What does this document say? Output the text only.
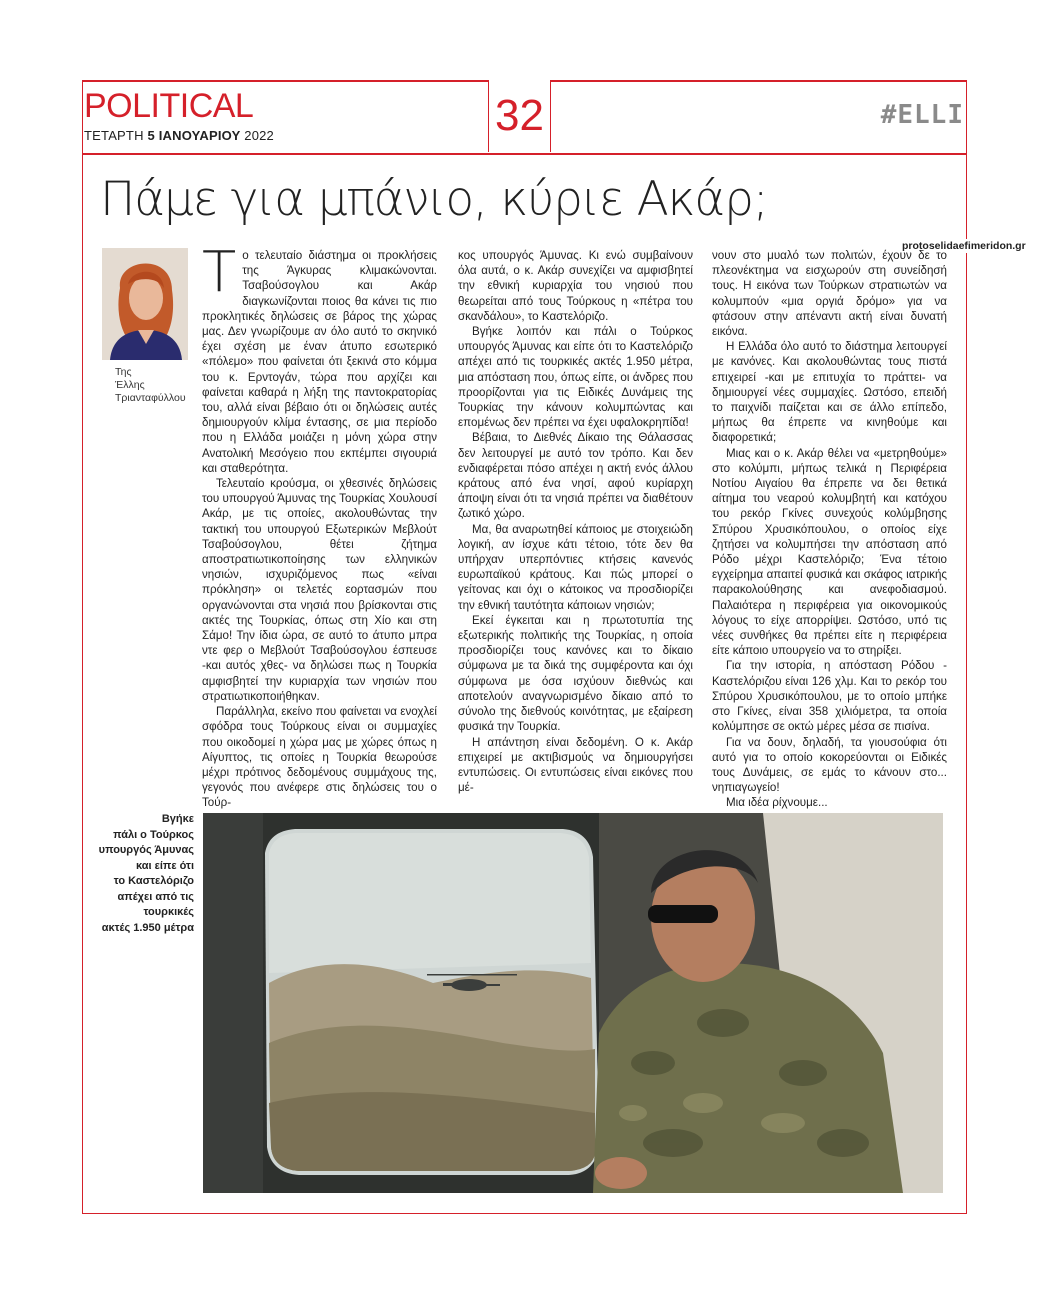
POLITICAL
ΤΕΤΑΡΤΗ 5 ΙΑΝΟΥΑΡΙΟΥ 2022	32	#ELLI
protoselidaefimeridon.gr
Πάμε για μπάνιο, κύριε Ακάρ;
Της
Έλλης
Τριανταφύλλου

Το τελευταίο διάστημα οι προκλήσεις της Άγκυρας κλιμακώνονται. Τσαβούσογλου και Ακάρ διαγκωνίζονται ποιος θα κάνει τις πιο προκλητικές δηλώσεις σε βάρος της χώρας μας. Δεν γνωρίζουμε αν όλο αυτό το σκηνικό έχει σχέση με έναν άτυπο εσωτερικό «πόλεμο» που φαίνεται ότι ξεκινά στο κόμμα του κ. Ερντογάν, τώρα που αρχίζει και φαίνεται καθαρά η λήξη της παντοκρατορίας του, αλλά είναι βέβαιο ότι οι δηλώσεις αυτές δημιουργούν κλίμα έντασης, σε μια περίοδο που η Ελλάδα μοιάζει η μόνη χώρα στην Ανατολική Μεσόγειο που εκπέμπει σιγουριά και σταθερότητα.

Τελευταίο κρούσμα, οι χθεσινές δηλώσεις του υπουργού Άμυνας της Τουρκίας Χουλουσί Ακάρ, με τις οποίες, ακολουθώντας την τακτική του υπουργού Εξωτερικών Μεβλούτ Τσαβούσογλου, θέτει ζήτημα αποστρατιωτικοποίησης των ελληνικών νησιών, ισχυριζόμενος πως «είναι πρόκληση» οι τελετές εορτασμών που οργανώνονται στα νησιά που βρίσκονται στις ακτές της Τουρκίας, όπως στη Χίο και στη Σάμο! Την ίδια ώρα, σε αυτό το άτυπο μπρα ντε φερ ο Μεβλούτ Τσαβούσογλου έσπευσε -και αυτός χθες- να δηλώσει πως η Τουρκία αμφισβητεί την κυριαρχία των νησιών που στρατιωτικοποιήθηκαν.

Παράλληλα, εκείνο που φαίνεται να ενοχλεί σφόδρα τους Τούρκους είναι οι συμμαχίες που οικοδομεί η χώρα μας με χώρες όπως η Αίγυπτος, τις οποίες η Τουρκία θεωρούσε μέχρι πρότινος δεδομένους συμμάχους της, γεγονός που ανέφερε στις δηλώσεις του ο Τούρ-

κος υπουργός Άμυνας. Κι ενώ συμβαίνουν όλα αυτά, ο κ. Ακάρ συνεχίζει να αμφισβητεί την εθνική κυριαρχία του νησιού που θεωρείται από τους Τούρκους η «πέτρα του σκανδάλου», το Καστελόριζο.

Βγήκε λοιπόν και πάλι ο Τούρκος υπουργός Άμυνας και είπε ότι το Καστελόριζο απέχει από τις τουρκικές ακτές 1.950 μέτρα, μια απόσταση που, όπως είπε, οι άνδρες που προορίζονται για τις Ειδικές Δυνάμεις της Τουρκίας την κάνουν κολυμπώντας και επομένως δεν πρέπει να έχει υφαλοκρηπίδα!

Βέβαια, το Διεθνές Δίκαιο της Θάλασσας δεν λειτουργεί με αυτό τον τρόπο. Και δεν ενδιαφέρεται πόσο απέχει η ακτή ενός άλλου κράτους από ένα νησί, αφού κυρίαρχη άποψη είναι ότι τα νησιά πρέπει να διαθέτουν ζωτικό χώρο.

Μα, θα αναρωτηθεί κάποιος με στοιχειώδη λογική, αν ίσχυε κάτι τέτοιο, τότε δεν θα υπήρχαν υπερπόντιες κτήσεις κανενός ευρωπαϊκού κράτους. Και πώς μπορεί ο γείτονας και όχι ο κάτοικος να προσδιορίζει την εθνική ταυτότητα κάποιων νησιών;

Εκεί έγκειται και η πρωτοτυπία της εξωτερικής πολιτικής της Τουρκίας, η οποία προσδιορίζει τους κανόνες και το δίκαιο σύμφωνα με τα δικά της συμφέροντα και όχι σύμφωνα με όσα ισχύουν διεθνώς και αποτελούν αναγνωρισμένο δίκαιο από το σύνολο της διεθνούς κοινότητας, με εξαίρεση φυσικά την Τουρκία.

Η απάντηση είναι δεδομένη. Ο κ. Ακάρ επιχειρεί με ακτιβισμούς να δημιουργήσει εντυπώσεις. Οι εντυπώσεις είναι εικόνες που μέ-

νουν στο μυαλό των πολιτών, έχουν δε το πλεονέκτημα να εισχωρούν στη συνείδησή τους. Η εικόνα των Τούρκων στρατιωτών να κολυμπούν «μια οργιά δρόμο» για να φτάσουν στην απέναντι ακτή είναι δυνατή εικόνα.

Η Ελλάδα όλο αυτό το διάστημα λειτουργεί με κανόνες. Και ακολουθώντας τους πιστά επιχειρεί -και με επιτυχία το πράττει- να δημιουργεί νέες συμμαχίες. Ωστόσο, επειδή το παιχνίδι παίζεται και σε άλλο επίπεδο, μήπως θα έπρεπε να κινηθούμε και διαφορετικά;

Μιας και ο κ. Ακάρ θέλει να «μετρηθούμε» στο κολύμπι, μήπως τελικά η Περιφέρεια Νοτίου Αιγαίου θα έπρεπε να δει θετικά αίτημα του νεαρού κολυμβητή και κατόχου του ρεκόρ Γκίνες συνεχούς κολύμβησης Σπύρου Χρυσικόπουλου, ο οποίος είχε ζητήσει να κολυμπήσει την απόσταση από Ρόδο μέχρι Καστελόριζο; Ένα τέτοιο εγχείρημα απαιτεί φυσικά και σκάφος ιατρικής παρακολούθησης και ανεφοδιασμού. Παλαιότερα η περιφέρεια για οικονομικούς λόγους το είχε απορρίψει. Ωστόσο, υπό τις νέες συνθήκες θα πρέπει είτε η περιφέρεια είτε κάποιο υπουργείο να το στηρίξει.

Για την ιστορία, η απόσταση Ρόδου - Καστελόριζου είναι 126 χλμ. Και το ρεκόρ του Σπύρου Χρυσικόπουλου, με το οποίο μπήκε στο Γκίνες, είναι 358 χιλιόμετρα, τα οποία κολύμπησε σε οκτώ μέρες μέσα σε πισίνα.

Για να δουν, δηλαδή, τα γιουσούφια ότι αυτό για το οποίο κοκορεύονται οι Ειδικές τους Δυνάμεις, σε εμάς το κάνουν στο... νηπιαγωγείο!

Μια ιδέα ρίχνουμε...

Βγήκε
πάλι ο Τούρκος
υπουργός Άμυνας
και είπε ότι
το Καστελόριζο
απέχει από τις
τουρκικές
ακτές 1.950 μέτρα
